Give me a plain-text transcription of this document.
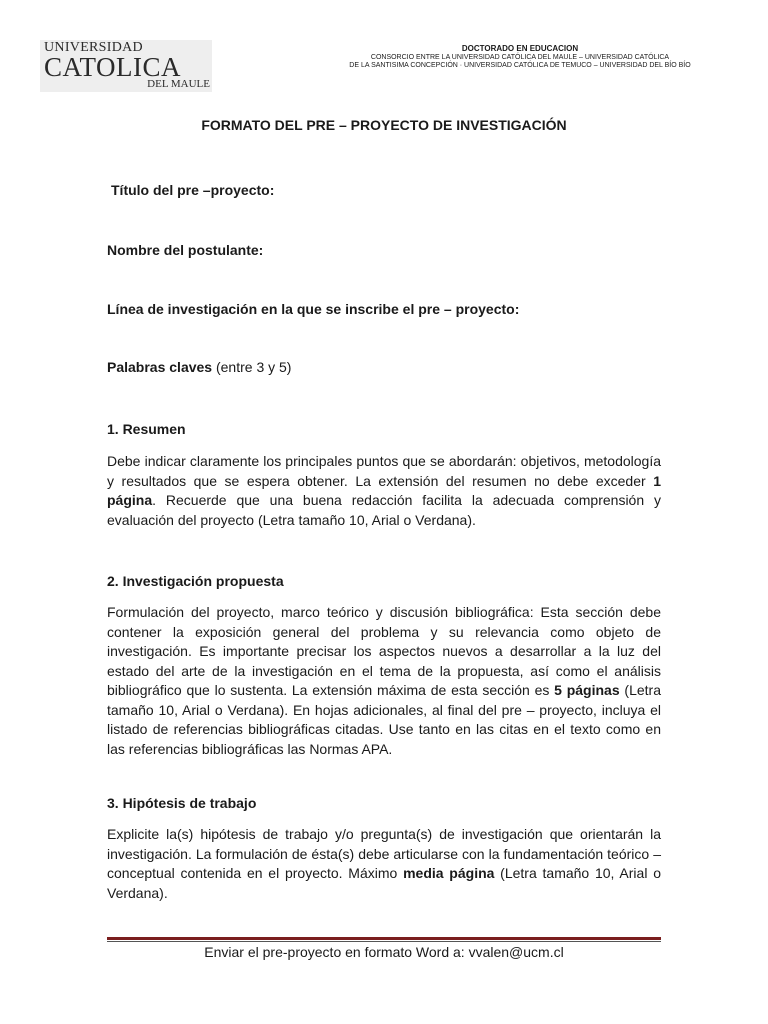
UNIVERSIDAD
CATOLICA
DEL MAULE
DOCTORADO EN EDUCACION
CONSORCIO ENTRE LA UNIVERSIDAD CATÓLICA DEL MAULE – UNIVERSIDAD CATÓLICA
DE LA SANTISIMA CONCEPCIÓN · UNIVERSIDAD CATÓLICA DE TEMUCO – UNIVERSIDAD DEL BÍO BÍO
FORMATO DEL PRE – PROYECTO DE INVESTIGACIÓN
Título del pre –proyecto:
Nombre del postulante:
Línea de investigación en la que se inscribe el pre – proyecto:
Palabras claves (entre 3 y 5)
1. Resumen
Debe indicar claramente los principales puntos que se abordarán: objetivos, metodología y resultados que se espera obtener. La extensión del resumen no debe exceder 1 página. Recuerde que una buena redacción facilita la adecuada comprensión y evaluación del proyecto (Letra tamaño 10, Arial o Verdana).
2. Investigación propuesta
Formulación del proyecto, marco teórico y discusión bibliográfica: Esta sección debe contener la exposición general del problema y su relevancia como objeto de investigación. Es importante precisar los aspectos nuevos a desarrollar a la luz del estado del arte de la investigación en el tema de la propuesta, así como el análisis bibliográfico que lo sustenta. La extensión máxima de esta sección es 5 páginas (Letra tamaño 10, Arial o Verdana). En hojas adicionales, al final del pre – proyecto, incluya el listado de referencias bibliográficas citadas. Use tanto en las citas en el texto como en las referencias bibliográficas las Normas APA.
3. Hipótesis de trabajo
Explicite la(s) hipótesis de trabajo y/o pregunta(s) de investigación que orientarán la investigación. La formulación de ésta(s) debe articularse con la fundamentación teórico – conceptual contenida en el proyecto. Máximo media página (Letra tamaño 10, Arial o Verdana).
Enviar el pre-proyecto en formato Word a: vvalen@ucm.cl
